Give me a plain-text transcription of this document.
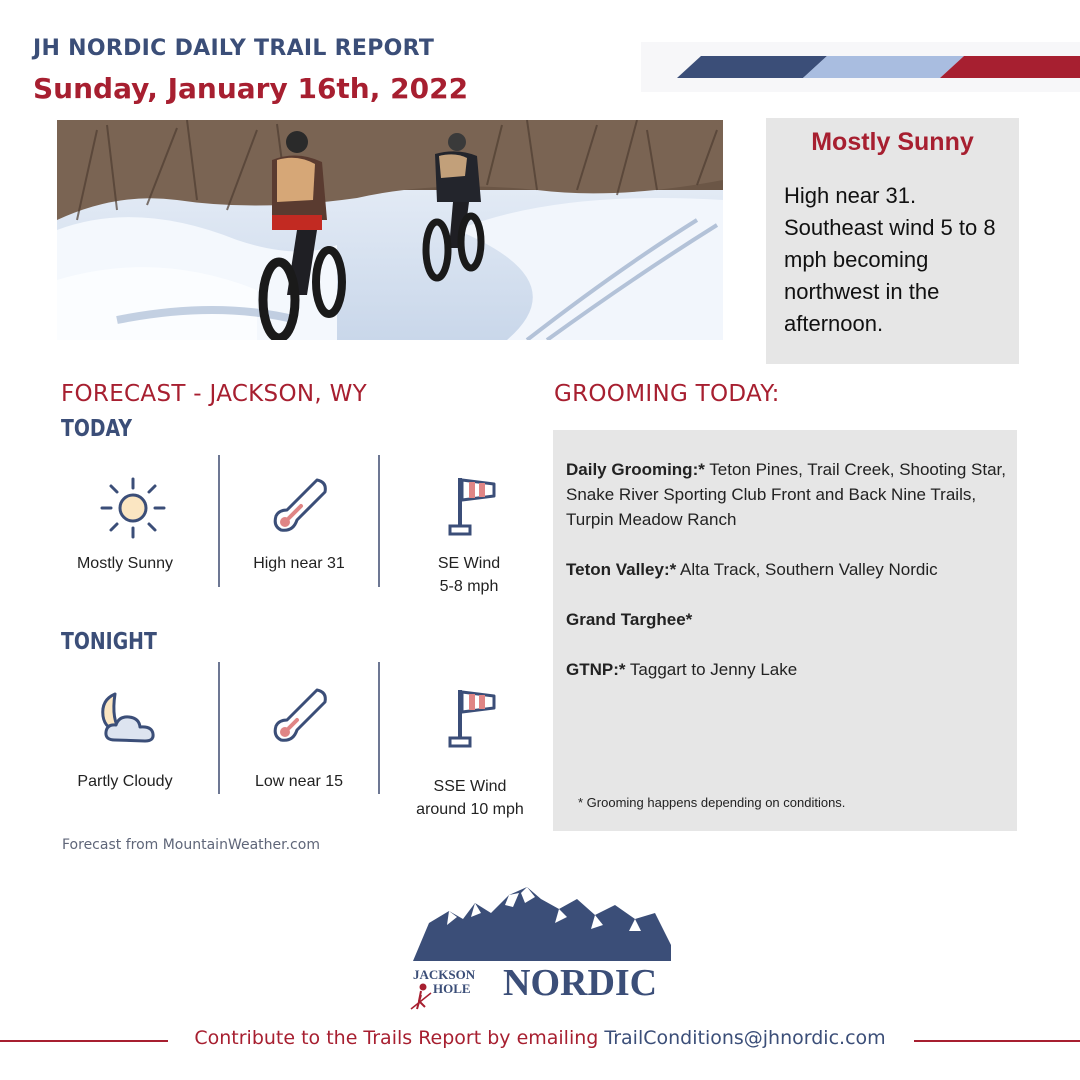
JH NORDIC DAILY TRAIL REPORT
Sunday, January 16th, 2022
Mostly Sunny
High near 31. Southeast wind 5 to 8 mph becoming northwest in the afternoon.
FORECAST - JACKSON, WY
TODAY
Mostly Sunny	High near 31	SE Wind
5-8 mph
TONIGHT
Partly Cloudy	Low near 15	SSE Wind
around 10 mph
Forecast from MountainWeather.com
GROOMING TODAY:
Daily Grooming:* Teton Pines, Trail Creek, Shooting Star, Snake River Sporting Club Front and Back Nine Trails, Turpin Meadow Ranch
Teton Valley:* Alta Track, Southern Valley Nordic
Grand Targhee*
GTNP:* Taggart to Jenny Lake
* Grooming happens depending on conditions.
JACKSON
HOLE NORDIC
Contribute to the Trails Report by emailing TrailConditions@jhnordic.com
